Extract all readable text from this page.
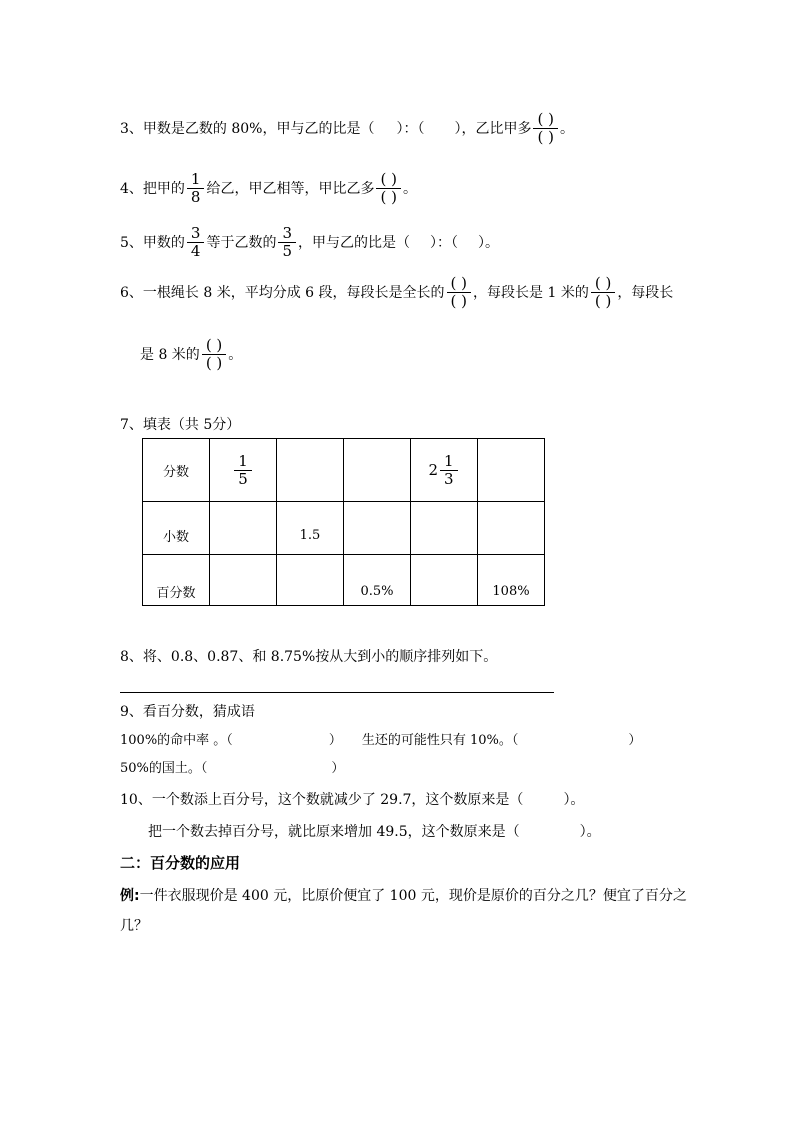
3、甲数是乙数的 80%，甲与乙的比是（ ）：（ ），乙比甲多 $\frac{( )}{( )}$ 。
4、把甲的 $\frac{1}{8}$ 给乙，甲乙相等，甲比乙多 $\frac{( )}{( )}$ 。
5、甲数的 $\frac{3}{4}$ 等于乙数的 $\frac{3}{5}$ ，甲与乙的比是（ ）：（ ）。
6、一根绳长 8 米，平均分成 6 段，每段长是全长的 $\frac{( )}{( )}$ ，每段长是 1 米的 $\frac{( )}{( )}$ ，每段长
是 8 米的 $\frac{( )}{( )}$ 。
7、填表（共 5分）
分数	$\frac{1}{5}$			$2 \frac{1}{3}$

小数		1.5			
百分数			0.5%		108%
8、将、0.8、0.87、和 8.75%按从大到小的顺序排列如下。
9、看百分数，猜成语
100%的命中率 。（	） 生还的可能性只有 10%。（	）
50%的国土。（	）
10、一个数添上百分号，这个数就减少了 29.7，这个数原来是（	）。
把一个数去掉百分号，就比原来增加 49.5，这个数原来是（	）。
二：百分数的应用
例: 一件衣服现价是 400 元，比原价便宜了 100 元，现价是原价的百分之几？便宜了百分之
几？
